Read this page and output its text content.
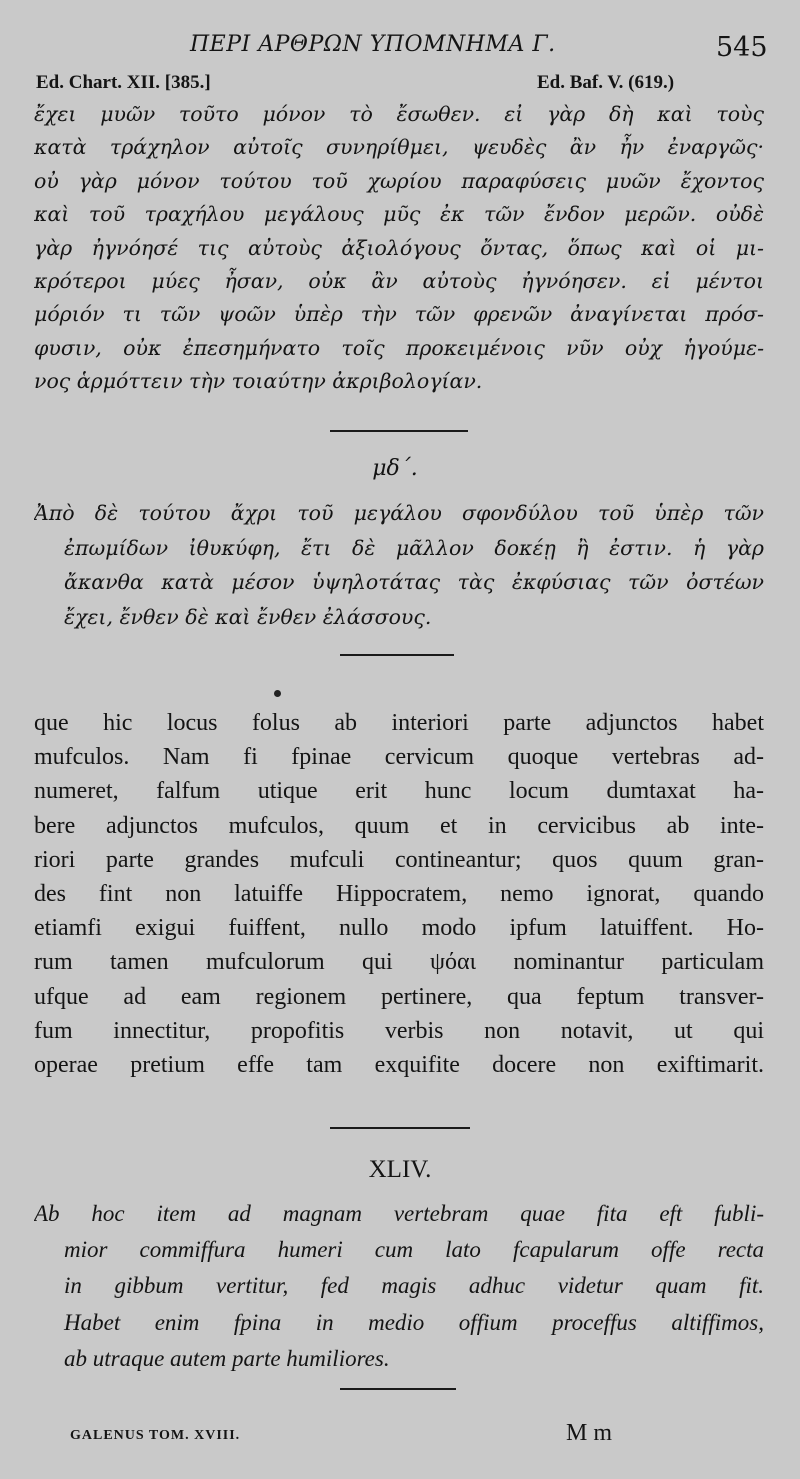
ΠΕΡΙ ΑΡΘΡΩΝ ΥΠΟΜΝΗΜΑ Γ.	545
Ed. Chart. XII. [385.]	Ed. Baf. V. (619.)
ἔχει μυῶν τοῦτο μόνον τὸ ἔσωθεν. εἰ γὰρ δὴ καὶ τοὺς
κατὰ τράχηλον αὐτοῖς συνηρίθμει, ψευδὲς ἂν ἦν ἐναργῶς·
οὐ γὰρ μόνον τούτου τοῦ χωρίου παραφύσεις μυῶν ἔχοντος
καὶ τοῦ τραχήλου μεγάλους μῦς ἐκ τῶν ἔνδον μερῶν. οὐδὲ
γὰρ ἠγνόησέ τις αὐτοὺς ἀξιολόγους ὄντας, ὅπως καὶ οἱ μι-
κρότεροι μύες ἦσαν, οὐκ ἂν αὐτοὺς ἠγνόησεν. εἰ μέντοι
μόριόν τι τῶν ψοῶν ὑπὲρ τὴν τῶν φρενῶν ἀναγίνεται πρόσ-
φυσιν, οὐκ ἐπεσημήνατο τοῖς προκειμένοις νῦν οὐχ ἡγούμε-
νος ἁρμόττειν τὴν τοιαύτην ἀκριβολογίαν.
μδ΄.
Ἀπὸ δὲ τούτου ἄχρι τοῦ μεγάλου σφονδύλου τοῦ ὑπὲρ τῶν
ἐπωμίδων ἰθυκύφη, ἔτι δὲ μᾶλλον δοκέῃ ἢ ἐστιν. ἡ γὰρ
ἄκανθα κατὰ μέσον ὑψηλοτάτας τὰς ἐκφύσιας τῶν ὀστέων
ἔχει, ἔνθεν δὲ καὶ ἔνθεν ἐλάσσους.
que hic locus folus ab interiori parte adjunctos habet
mufculos. Nam fi fpinae cervicum quoque vertebras ad-
numeret, falfum utique erit hunc locum dumtaxat ha-
bere adjunctos mufculos, quum et in cervicibus ab inte-
riori parte grandes mufculi contineantur; quos quum gran-
des fint non latuiffe Hippocratem, nemo ignorat, quando
etiamfi exigui fuiffent, nullo modo ipfum latuiffent. Ho-
rum tamen mufculorum qui ψόαι nominantur particulam
ufque ad eam regionem pertinere, qua feptum transver-
fum innectitur, propofitis verbis non notavit, ut qui
operae pretium effe tam exquifite docere non exiftimarit.
XLIV.
Ab hoc item ad magnam vertebram quae fita eft fubli-
mior commiffura humeri cum lato fcapularum offe recta
in gibbum vertitur, fed magis adhuc videtur quam fit.
Habet enim fpina in medio offium proceffus altiffimos,
ab utraque autem parte humiliores.
GALENUS TOM. XVIII.	M m
